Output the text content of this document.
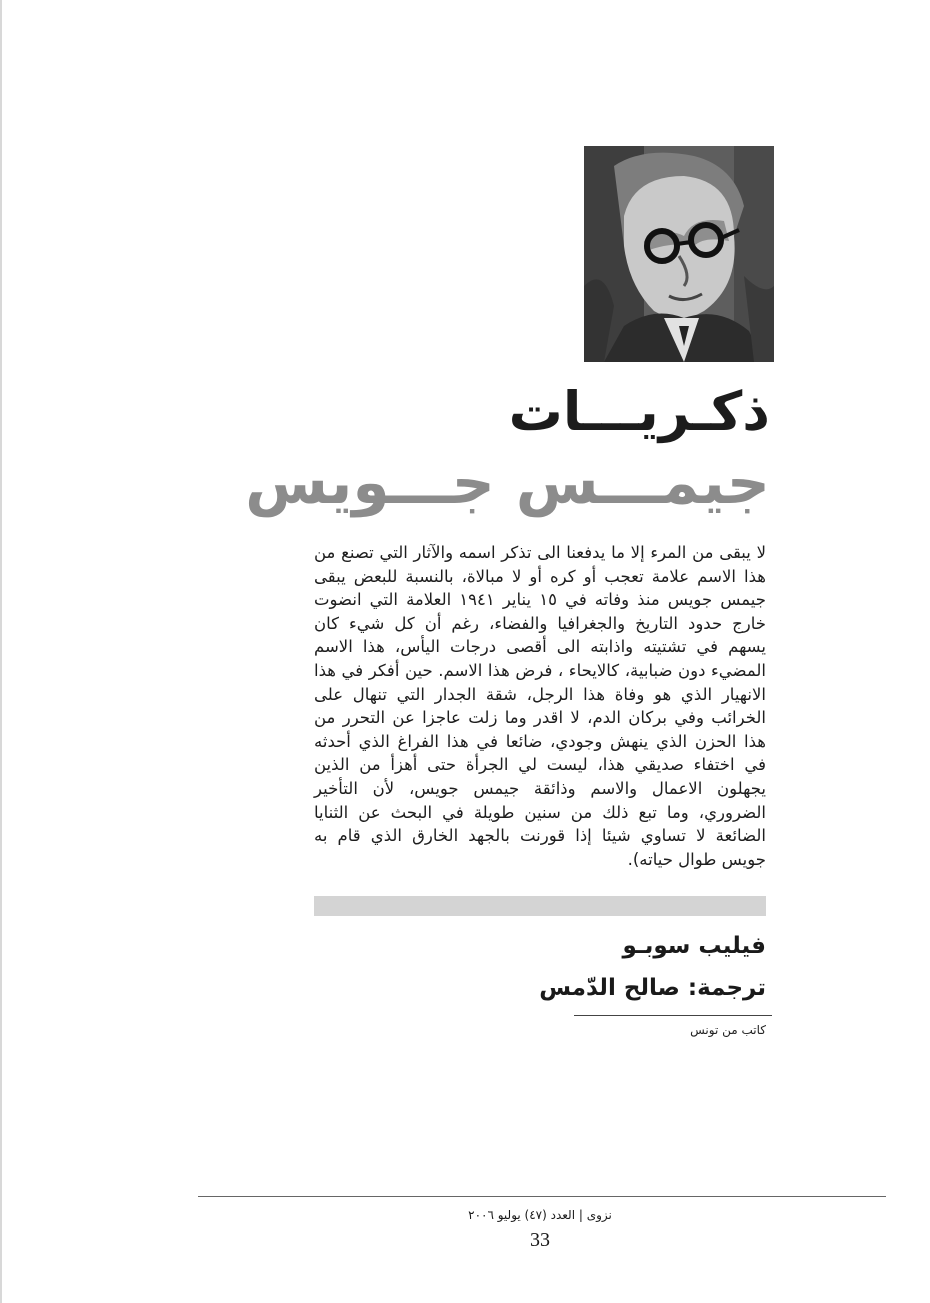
ذكـريـــات
جيمـــس جـــويس

لا يبقى من المرء إلا ما يدفعنا الى تذكر اسمه والآثار التي تصنع من هذا الاسم علامة تعجب أو كره أو لا مبالاة، بالنسبة للبعض يبقى جيمس جويس منذ وفاته في ١٥ يناير ١٩٤١ العلامة التي انضوت خارج حدود التاريخ والجغرافيا والفضاء، رغم أن كل شيء كان يسهم في تشتيته واذابته الى أقصى درجات اليأس، هذا الاسم المضيء دون ضبابية، كالايحاء ، فرض هذا الاسم. حين أفكر في هذا الانهيار الذي هو وفاة هذا الرجل، شقة الجدار التي تنهال على الخرائب وفي بركان الدم، لا اقدر وما زلت عاجزا عن التحرر من هذا الحزن الذي ينهش وجودي، ضائعا في هذا الفراغ الذي أحدثه في اختفاء صديقي هذا، ليست لي الجرأة حتى أهزأ من الذين يجهلون الاعمال والاسم وذائقة جيمس جويس، لأن التأخير الضروري، وما تبع ذلك من سنين طويلة في البحث عن الثنايا الضائعة لا تساوي شيئا إذا قورنت بالجهد الخارق الذي قام به جويس طوال حياته).

فيليب سوبـو
ترجمة: صالح الدّمس
كاتب من تونس
نزوى | العدد (٤٧) يوليو ٢٠٠٦
33
